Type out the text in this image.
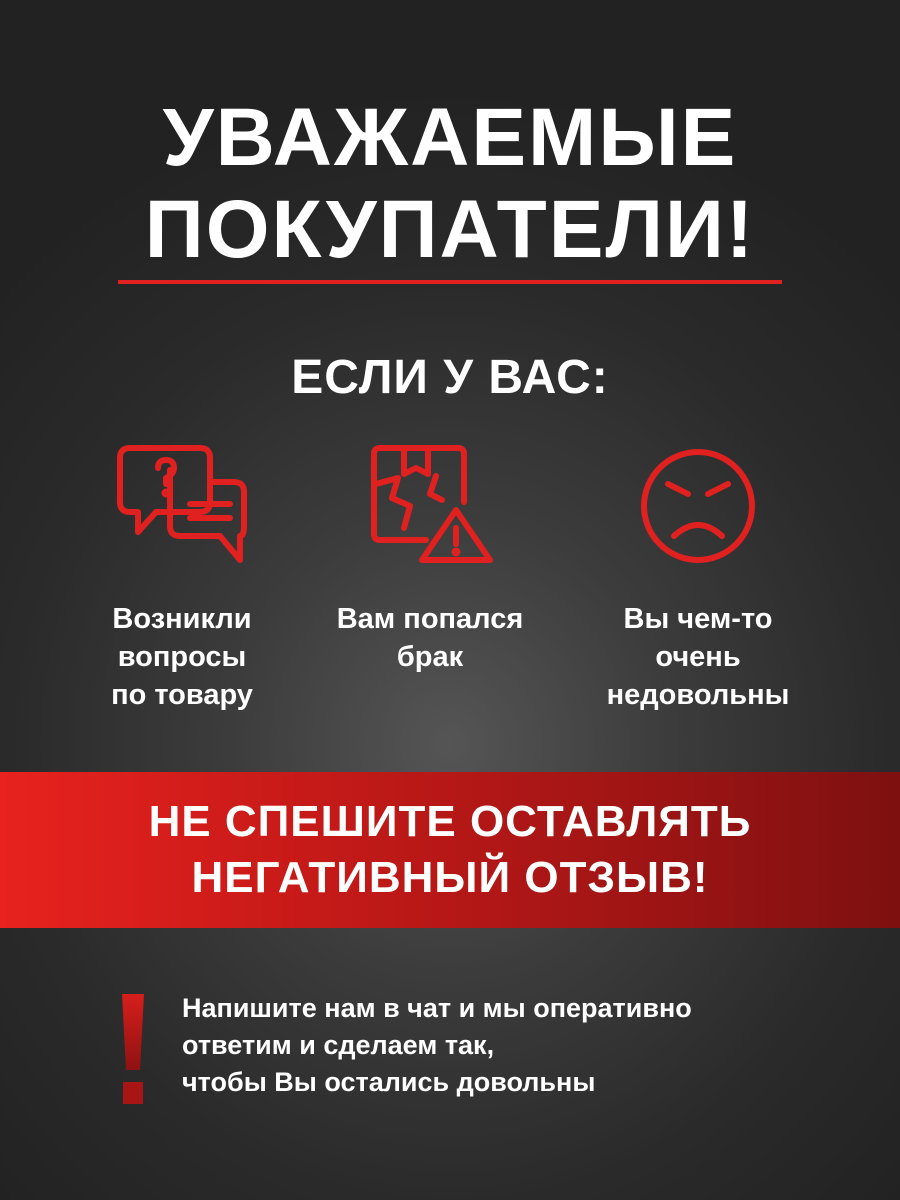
УВАЖАЕМЫЕ
ПОКУПАТЕЛИ!
ЕСЛИ У ВАС:
Возникли
вопросы
по товару
Вам попался
брак
Вы чем-то
очень
недовольны
НЕ СПЕШИТЕ ОСТАВЛЯТЬ
НЕГАТИВНЫЙ ОТЗЫВ!
Напишите нам в чат и мы оперативно
ответим и сделаем так,
чтобы Вы остались довольны
